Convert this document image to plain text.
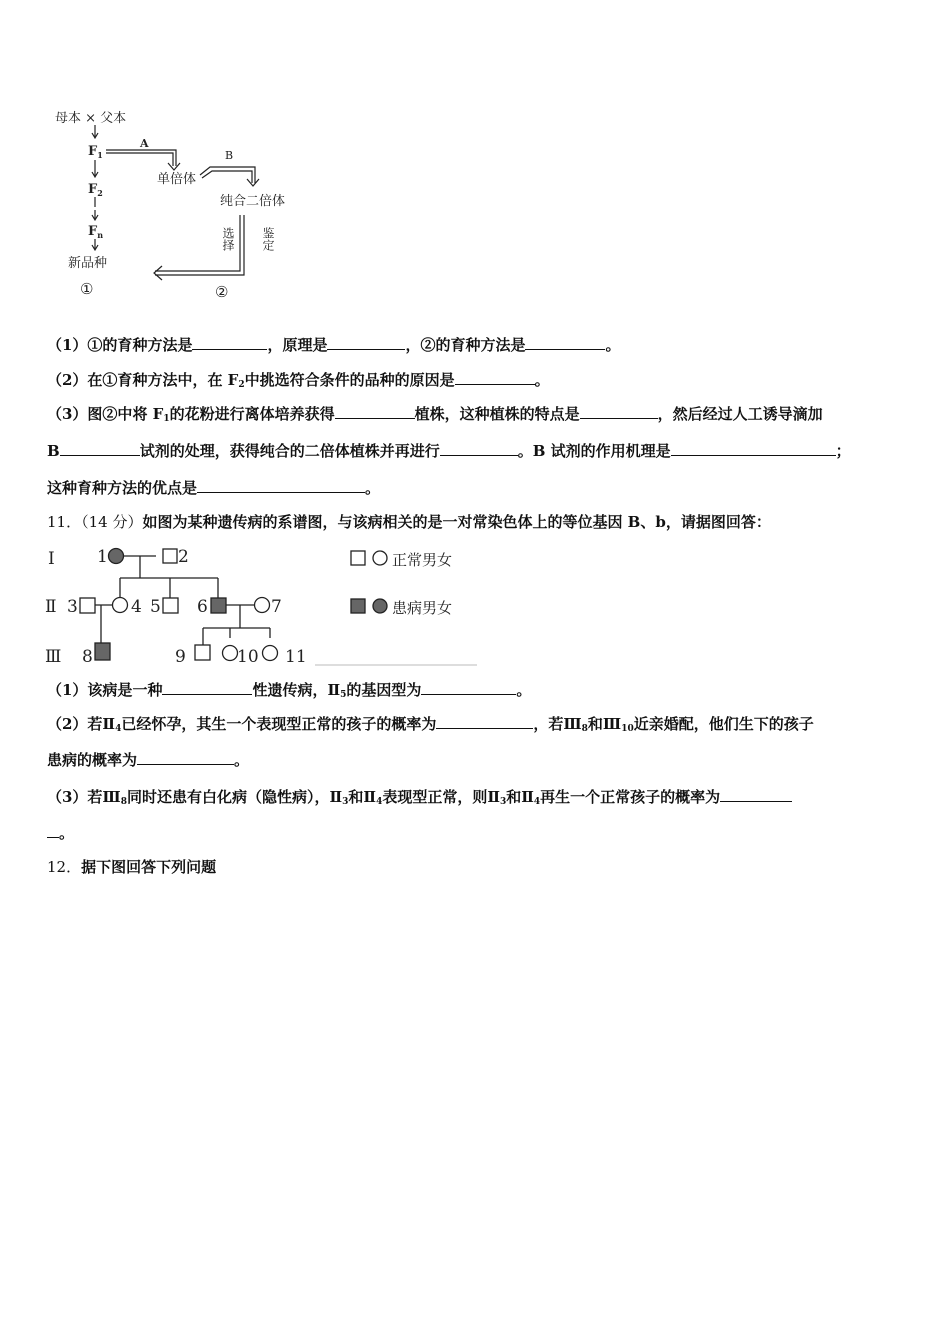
母本 × 父本
$F_1$
$F_2$
$F_n$
新品种
①
A
单倍体
B
纯合二倍体
选择 鉴定
②
（1）①的育种方法是	，原理是	，②的育种方法是	。
（2）在①育种方法中，在 $F_2$中挑选符合条件的品种的原因是	。
（3）图②中将 $F_1$的花粉进行离体培养获得	植株，这种植株的特点是	，然后经过人工诱导滴加
B	试剂的处理，获得纯合的二倍体植株并再进行	。B 试剂的作用机理是	；
这种育种方法的优点是	。
11．（14 分）如图为某种遗传病的系谱图，与该病相关的是一对常染色体上的等位基因 B、b，请据图回答：
Ⅰ
Ⅱ
Ⅲ
1	2
3	4 5 6	7
8	9	10 11
正常男女
患病男女
（1）该病是一种	性遗传病，$Ⅱ_5$的基因型为	。
（2）若$Ⅱ_4$已经怀孕，其生一个表现型正常的孩子的概率为	，若$Ⅲ_8$和$Ⅲ_{10}$近亲婚配，他们生下的孩子
患病的概率为	。
（3）若$Ⅲ_8$同时还患有白化病（隐性病），$Ⅱ_3$和$Ⅱ_4$表现型正常，则$Ⅱ_3$和$Ⅱ_4$再生一个正常孩子的概率为
。
12．据下图回答下列问题
